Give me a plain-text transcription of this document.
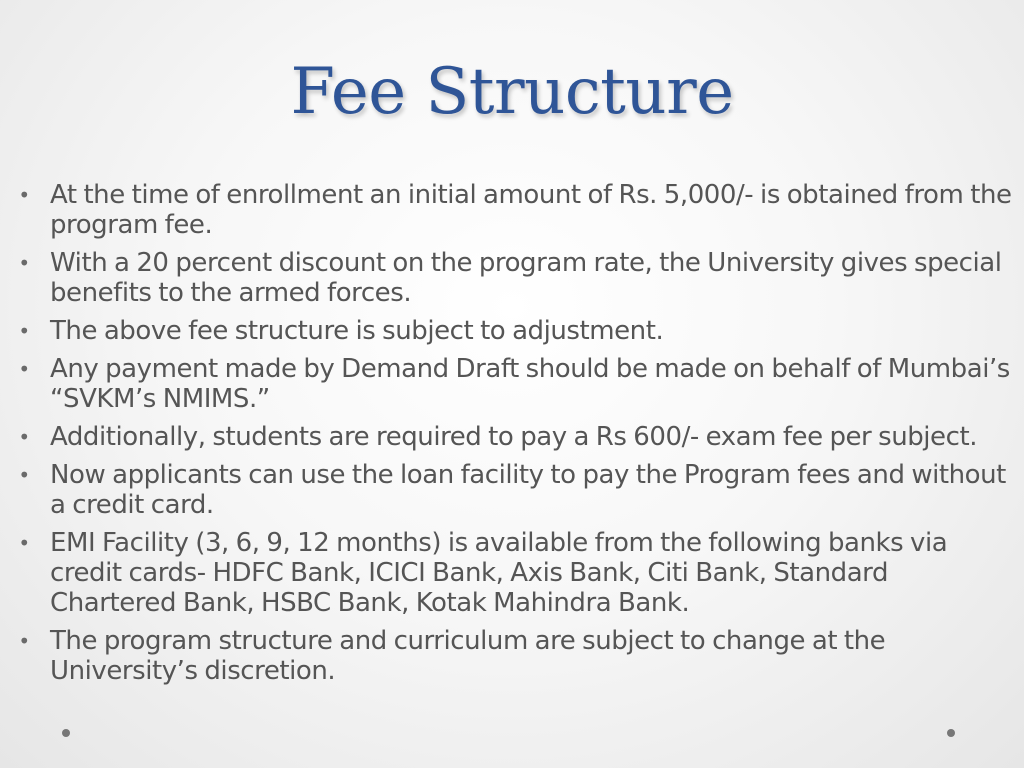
Fee Structure
• At the time of enrollment an initial amount of Rs. 5,000/- is obtained from the program fee.
• With a 20 percent discount on the program rate, the University gives special benefits to the armed forces.
• The above fee structure is subject to adjustment.
• Any payment made by Demand Draft should be made on behalf of Mumbai’s “SVKM’s NMIMS.”
• Additionally, students are required to pay a Rs 600/- exam fee per subject.
• Now applicants can use the loan facility to pay the Program fees and without a credit card.
• EMI Facility (3, 6, 9, 12 months) is available from the following banks via credit cards- HDFC Bank, ICICI Bank, Axis Bank, Citi Bank, Standard Chartered Bank, HSBC Bank, Kotak Mahindra Bank.
• The program structure and curriculum are subject to change at the University’s discretion.
